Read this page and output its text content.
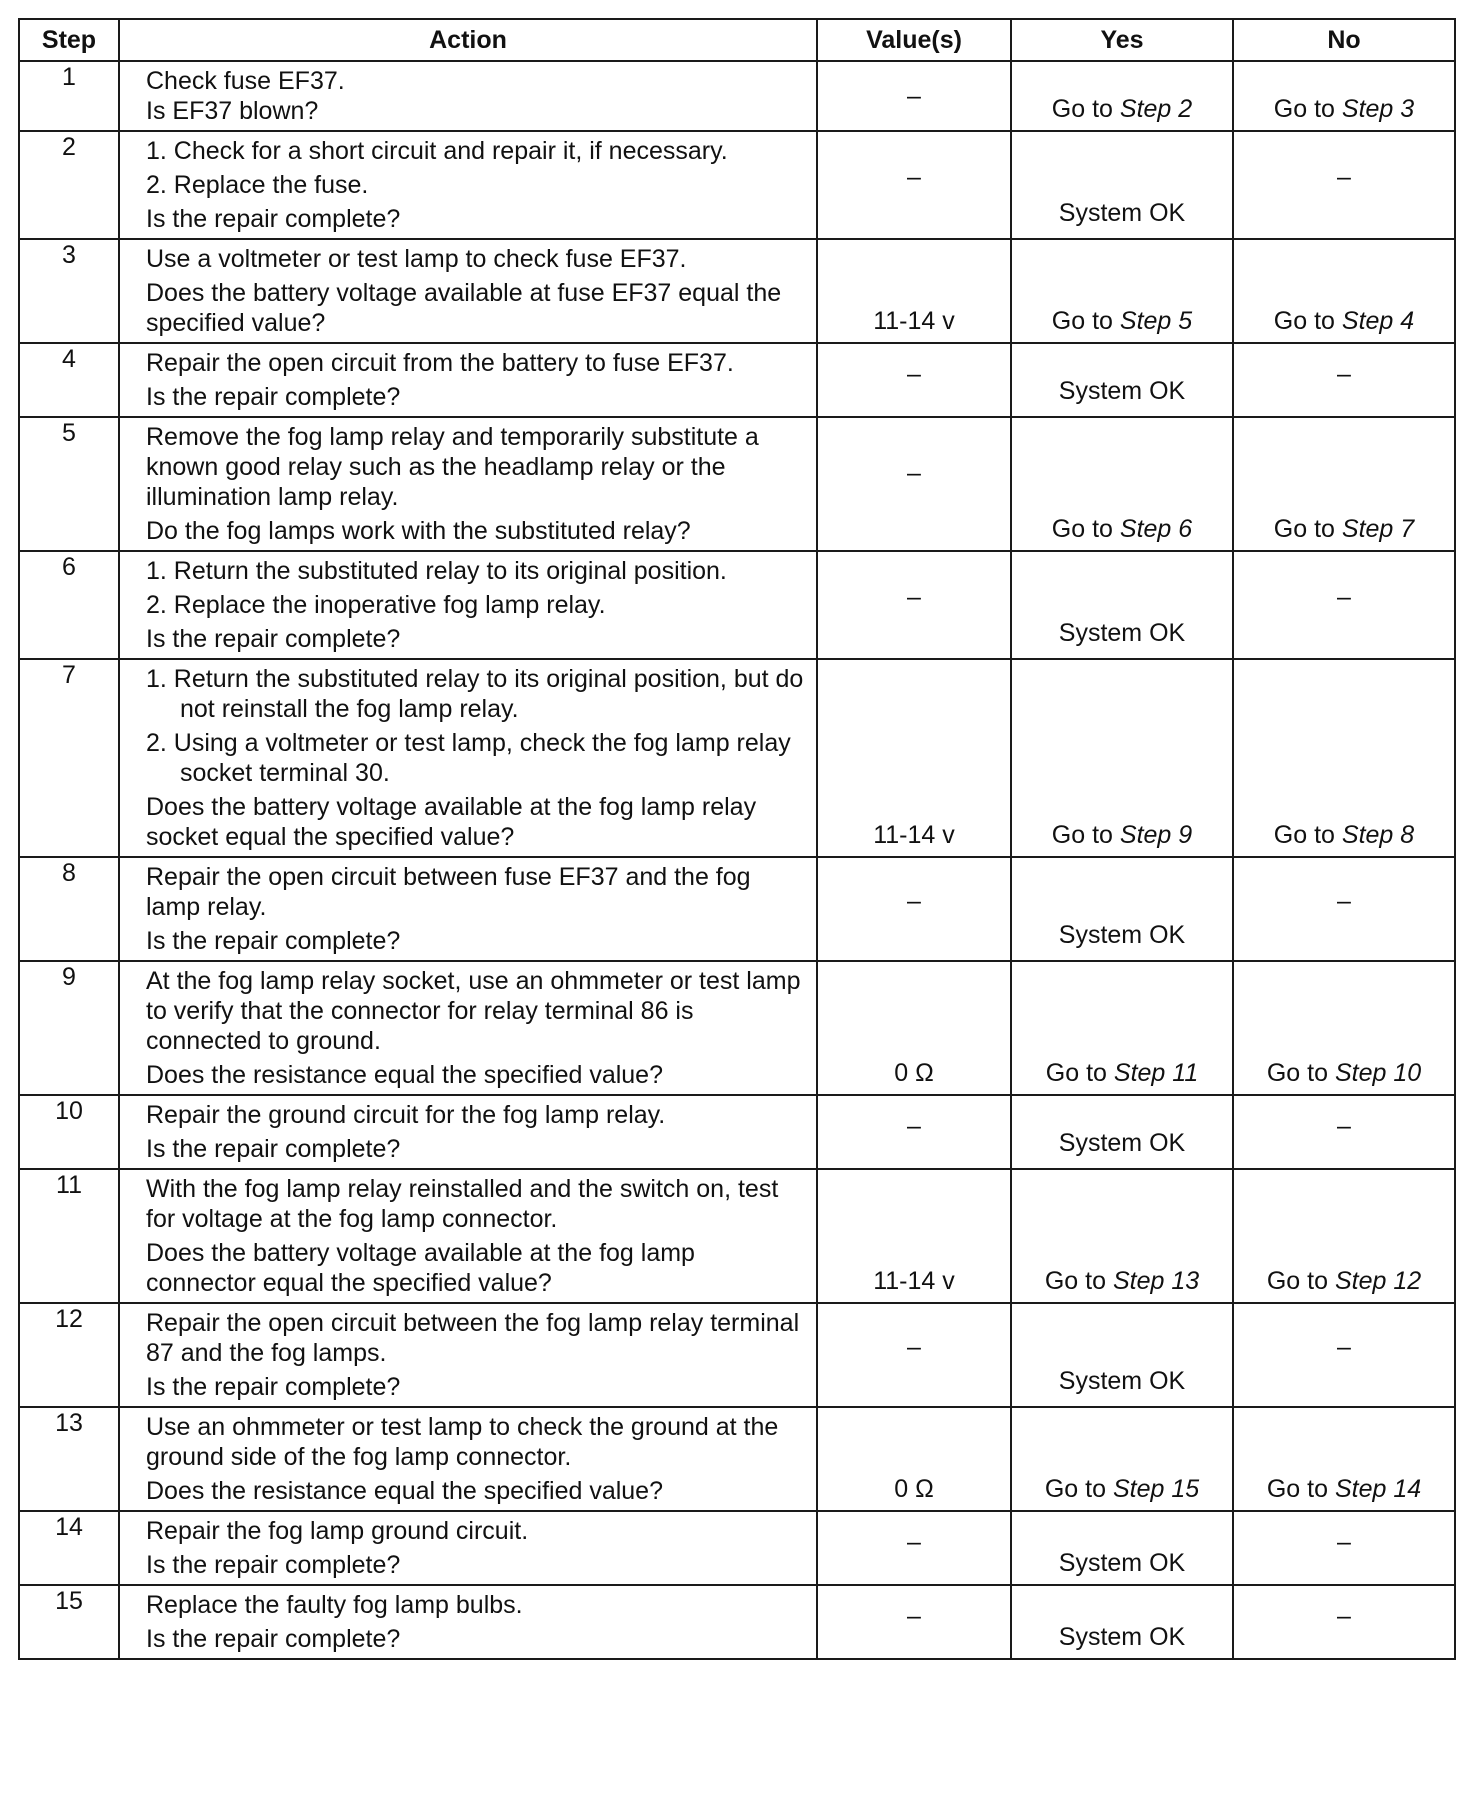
Step	Action	Value(s)	Yes	No
1	Check fuse EF37.
Is EF37 blown?	–	Go to Step 2	Go to Step 3

2	1. Check for a short circuit and repair it, if necessary.
2. Replace the fuse.
Is the repair complete?	–	System OK	–

3	Use a voltmeter or test lamp to check fuse EF37.
Does the battery voltage available at fuse EF37 equal the specified value?	11-14 v	Go to Step 5	Go to Step 4

4	Repair the open circuit from the battery to fuse EF37.
Is the repair complete?	–	System OK	–

5	Remove the fog lamp relay and temporarily substitute a known good relay such as the headlamp relay or the illumination lamp relay.
Do the fog lamps work with the substituted relay?	–	Go to Step 6	Go to Step 7

6	1. Return the substituted relay to its original position.
2. Replace the inoperative fog lamp relay.
Is the repair complete?	–	System OK	–

7	1. Return the substituted relay to its original position, but do not reinstall the fog lamp relay.
2. Using a voltmeter or test lamp, check the fog lamp relay socket terminal 30.
Does the battery voltage available at the fog lamp relay socket equal the specified value?	11-14 v	Go to Step 9	Go to Step 8

8	Repair the open circuit between fuse EF37 and the fog lamp relay.
Is the repair complete?	–	System OK	–

9	At the fog lamp relay socket, use an ohmmeter or test lamp to verify that the connector for relay terminal 86 is connected to ground.
Does the resistance equal the specified value?	0 Ω	Go to Step 11	Go to Step 10

10	Repair the ground circuit for the fog lamp relay.
Is the repair complete?	–	System OK	–

11	With the fog lamp relay reinstalled and the switch on, test for voltage at the fog lamp connector.
Does the battery voltage available at the fog lamp connector equal the specified value?	11-14 v	Go to Step 13	Go to Step 12

12	Repair the open circuit between the fog lamp relay terminal 87 and the fog lamps.
Is the repair complete?	–	System OK	–

13	Use an ohmmeter or test lamp to check the ground at the ground side of the fog lamp connector.
Does the resistance equal the specified value?	0 Ω	Go to Step 15	Go to Step 14

14	Repair the fog lamp ground circuit.
Is the repair complete?	–	System OK	–

15	Replace the faulty fog lamp bulbs.
Is the repair complete?	–	System OK	–
